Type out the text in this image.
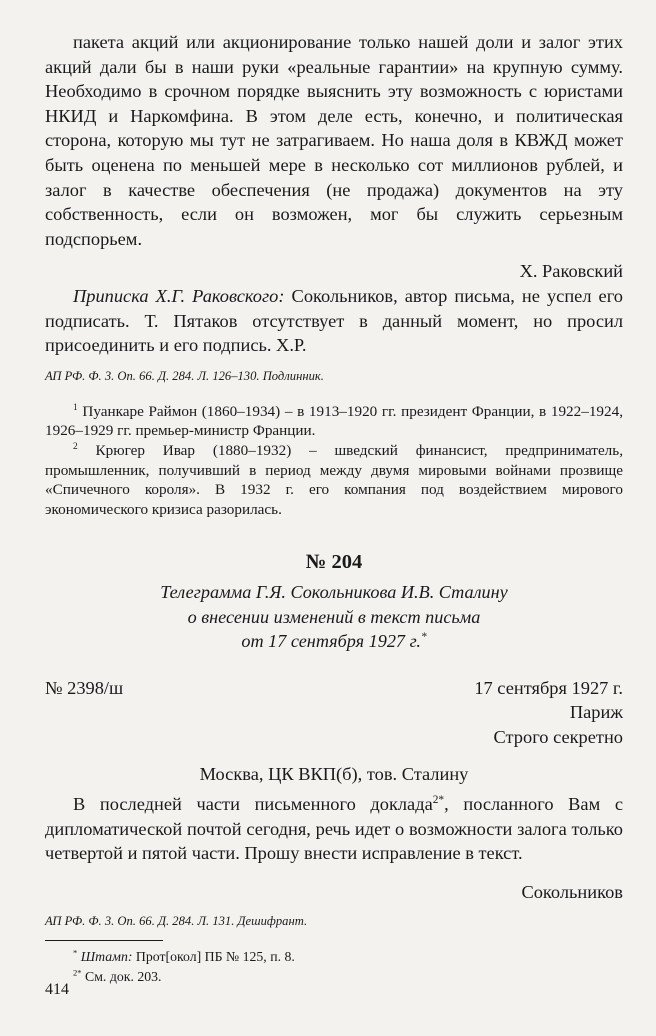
пакета акций или акционирование только нашей доли и залог этих акций дали бы в наши руки «реальные гарантии» на крупную сумму. Необходимо в срочном порядке выяснить эту возможность с юристами НКИД и Наркомфина. В этом деле есть, конечно, и политическая сторона, которую мы тут не затрагиваем. Но наша доля в КВЖД может быть оценена по меньшей мере в несколько сот миллионов рублей, и залог в качестве обеспечения (не продажа) документов на эту собственность, если он возможен, мог бы служить серьезным подспорьем.

Х. Раковский

Приписка Х.Г. Раковского: Сокольников, автор письма, не успел его подписать. Т. Пятаков отсутствует в данный момент, но просил присоединить и его подпись. Х.Р.

АП РФ. Ф. 3. Оп. 66. Д. 284. Л. 126–130. Подлинник.

$^1$ Пуанкаре Раймон (1860–1934) – в 1913–1920 гг. президент Франции, в 1922–1924, 1926–1929 гг. премьер-министр Франции.

$^2$ Крюгер Ивар (1880–1932) – шведский финансист, предприниматель, промышленник, получивший в период между двумя мировыми войнами прозвище «Спичечного короля». В 1932 г. его компания под воздействием мирового экономического кризиса разорилась.

№ 204

Телеграмма Г.Я. Сокольникова И.В. Сталину
о внесении изменений в текст письма
от 17 сентября 1927 г.*
№ 2398/ш	17 сентября 1927 г.

Париж

Строго секретно

Москва, ЦК ВКП(б), тов. Сталину

В последней части письменного доклада$^{2*}$, посланного Вам с дипломатической почтой сегодня, речь идет о возможности залога только четвертой и пятой части. Прошу внести исправление в текст.

Сокольников

АП РФ. Ф. 3. Оп. 66. Д. 284. Л. 131. Дешифрант.

* Штамп: Прот[окол] ПБ № 125, п. 8.

$^{2*}$ См. док. 203.

414
